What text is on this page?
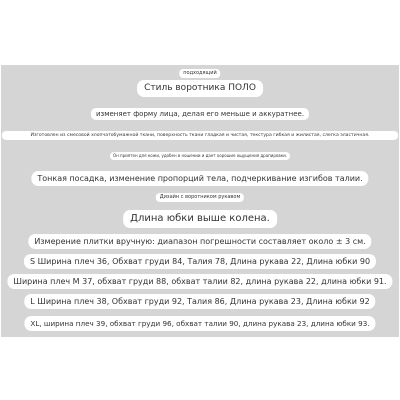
подходящий
Стиль воротника ПОЛО
изменяет форму лица, делая его меньше и аккуратнее.
Изготовлен из смесовой хлопчатобумажной ткани, поверхность ткани гладкая и чистая, текстура гибкая и жилистая, слегка эластичная.
Он приятен для кожи, удобен в ношении и дает хорошие ощущения драпировки.
Тонкая посадка, изменение пропорций тела, подчеркивание изгибов талии.
Дизайн с воротником рукавом
Длина юбки выше колена.
Измерение плитки вручную: диапазон погрешности составляет около ± 3 см.
S Ширина плеч 36, Обхват груди 84, Талия 78, Длина рукава 22, Длина юбки 90
Ширина плеч М 37, обхват груди 88, обхват талии 82, длина рукава 22, длина юбки 91.
L Ширина плеч 38, Обхват груди 92, Талия 86, Длина рукава 23, Длина юбки 92
XL, ширина плеч 39, обхват груди 96, обхват талии 90, длина рукава 23, длина юбки 93.
